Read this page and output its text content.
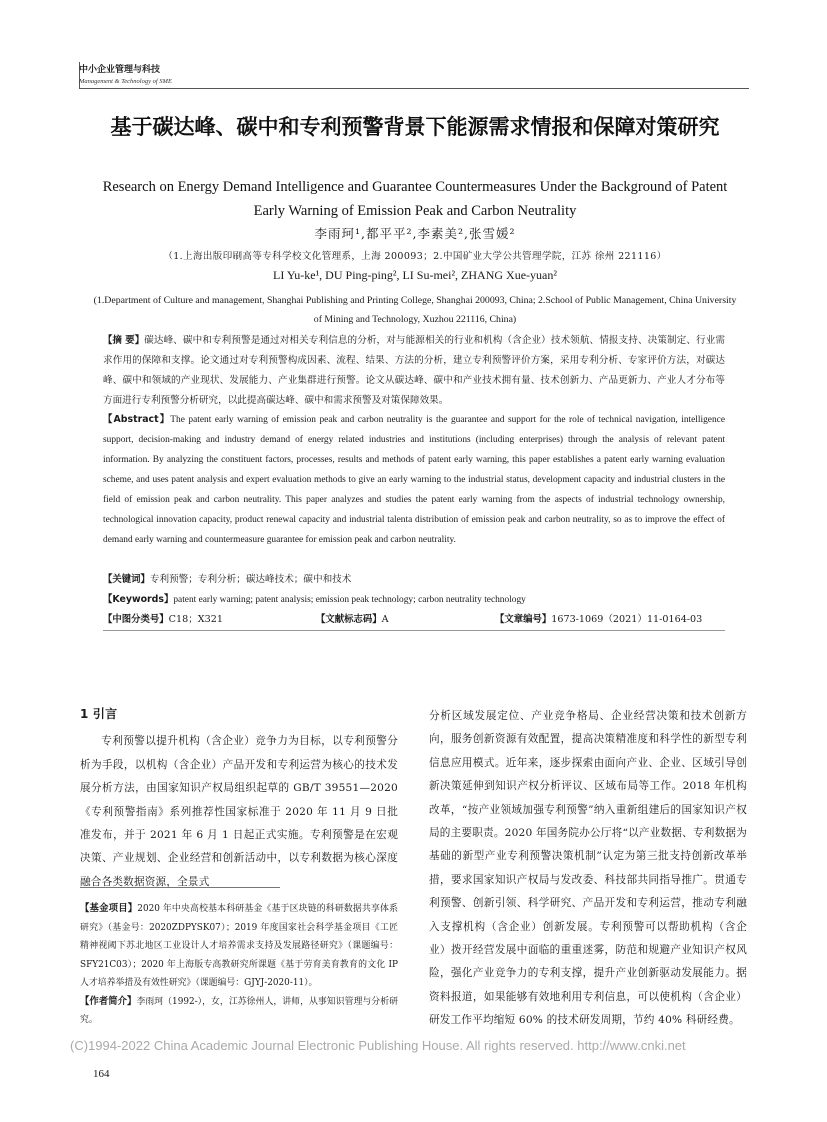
中小企业管理与科技
Management & Technology of SME
基于碳达峰、碳中和专利预警背景下能源需求情报和保障对策研究
Research on Energy Demand Intelligence and Guarantee Countermeasures Under the Background of Patent Early Warning of Emission Peak and Carbon Neutrality
李雨珂¹,都平平²,李素美²,张雪媛²
（1.上海出版印刷高等专科学校文化管理系，上海 200093；2.中国矿业大学公共管理学院，江苏 徐州 221116）
LI Yu-ke¹, DU Ping-ping², LI Su-mei², ZHANG Xue-yuan²
(1.Department of Culture and management, Shanghai Publishing and Printing College, Shanghai 200093, China; 2.School of Public Management, China University of Mining and Technology, Xuzhou 221116, China)
【摘 要】碳达峰、碳中和专利预警是通过对相关专利信息的分析，对与能源相关的行业和机构（含企业）技术领航、情报支持、决策制定、行业需求作用的保障和支撑。论文通过对专利预警构成因素、流程、结果、方法的分析，建立专利预警评价方案，采用专利分析、专家评价方法，对碳达峰、碳中和领域的产业现状、发展能力、产业集群进行预警。论文从碳达峰、碳中和产业技术拥有量、技术创新力、产品更新力、产业人才分布等方面进行专利预警分析研究，以此提高碳达峰、碳中和需求预警及对策保障效果。
【Abstract】The patent early warning of emission peak and carbon neutrality is the guarantee and support for the role of technical navigation, intelligence support, decision-making and industry demand of energy related industries and institutions (including enterprises) through the analysis of relevant patent information. By analyzing the constituent factors, processes, results and methods of patent early warning, this paper establishes a patent early warning evaluation scheme, and uses patent analysis and expert evaluation methods to give an early warning to the industrial status, development capacity and industrial clusters in the field of emission peak and carbon neutrality. This paper analyzes and studies the patent early warning from the aspects of industrial technology ownership, technological innovation capacity, product renewal capacity and industrial talenta distribution of emission peak and carbon neutrality, so as to improve the effect of demand early warning and countermeasure guarantee for emission peak and carbon neutrality.
【关键词】专利预警；专利分析；碳达峰技术；碳中和技术
【Keywords】patent early warning; patent analysis; emission peak technology; carbon neutrality technology
【中图分类号】C18；X321	【文献标志码】A	【文章编号】1673-1069（2021）11-0164-03
1 引言

专利预警以提升机构（含企业）竞争力为目标，以专利预警分析为手段，以机构（含企业）产品开发和专利运营为核心的技术发展分析方法，由国家知识产权局组织起草的 GB/T 39551—2020《专利预警指南》系列推荐性国家标准于 2020 年 11 月 9 日批准发布，并于 2021 年 6 月 1 日起正式实施。专利预警是在宏观决策、产业规划、企业经营和创新活动中，以专利数据为核心深度融合各类数据资源，全景式

分析区域发展定位、产业竞争格局、企业经营决策和技术创新方向，服务创新资源有效配置，提高决策精准度和科学性的新型专利信息应用模式。近年来，逐步探索由面向产业、企业、区域引导创新决策延伸到知识产权分析评议、区域布局等工作。2018 年机构改革，“按产业领域加强专利预警”纳入重新组建后的国家知识产权局的主要职责。2020 年国务院办公厅将“以产业数据、专利数据为基础的新型产业专利预警决策机制”认定为第三批支持创新改革举措，要求国家知识产权局与发改委、科技部共同指导推广。贯通专利预警、创新引领、科学研究、产品开发和专利运营，推动专利融入支撑机构（含企业）创新发展。专利预警可以帮助机构（含企业）拨开经营发展中面临的重重迷雾，防范和规避产业知识产权风险，强化产业竞争力的专利支撑，提升产业创新驱动发展能力。据资料报道，如果能够有效地利用专利信息，可以使机构（含企业）研发工作平均缩短 60% 的技术研发周期，节约 40% 科研经费。

【基金项目】2020 年中央高校基本科研基金《基于区块链的科研数据共享体系研究》（基金号：2020ZDPYSK07）；2019 年度国家社会科学基金项目《工匠精神视阈下苏北地区工业设计人才培养需求支持及发展路径研究》（课题编号：SFY21C03）；2020 年上海版专高教研究所课题《基于劳育美育教育的文化 IP 人才培养举措及有效性研究》（课题编号：GJYJ-2020-11）。
【作者简介】李雨珂（1992-），女，江苏徐州人，讲师，从事知识管理与分析研究。
(C)1994-2022 China Academic Journal Electronic Publishing House. All rights reserved. http://www.cnki.net
164
